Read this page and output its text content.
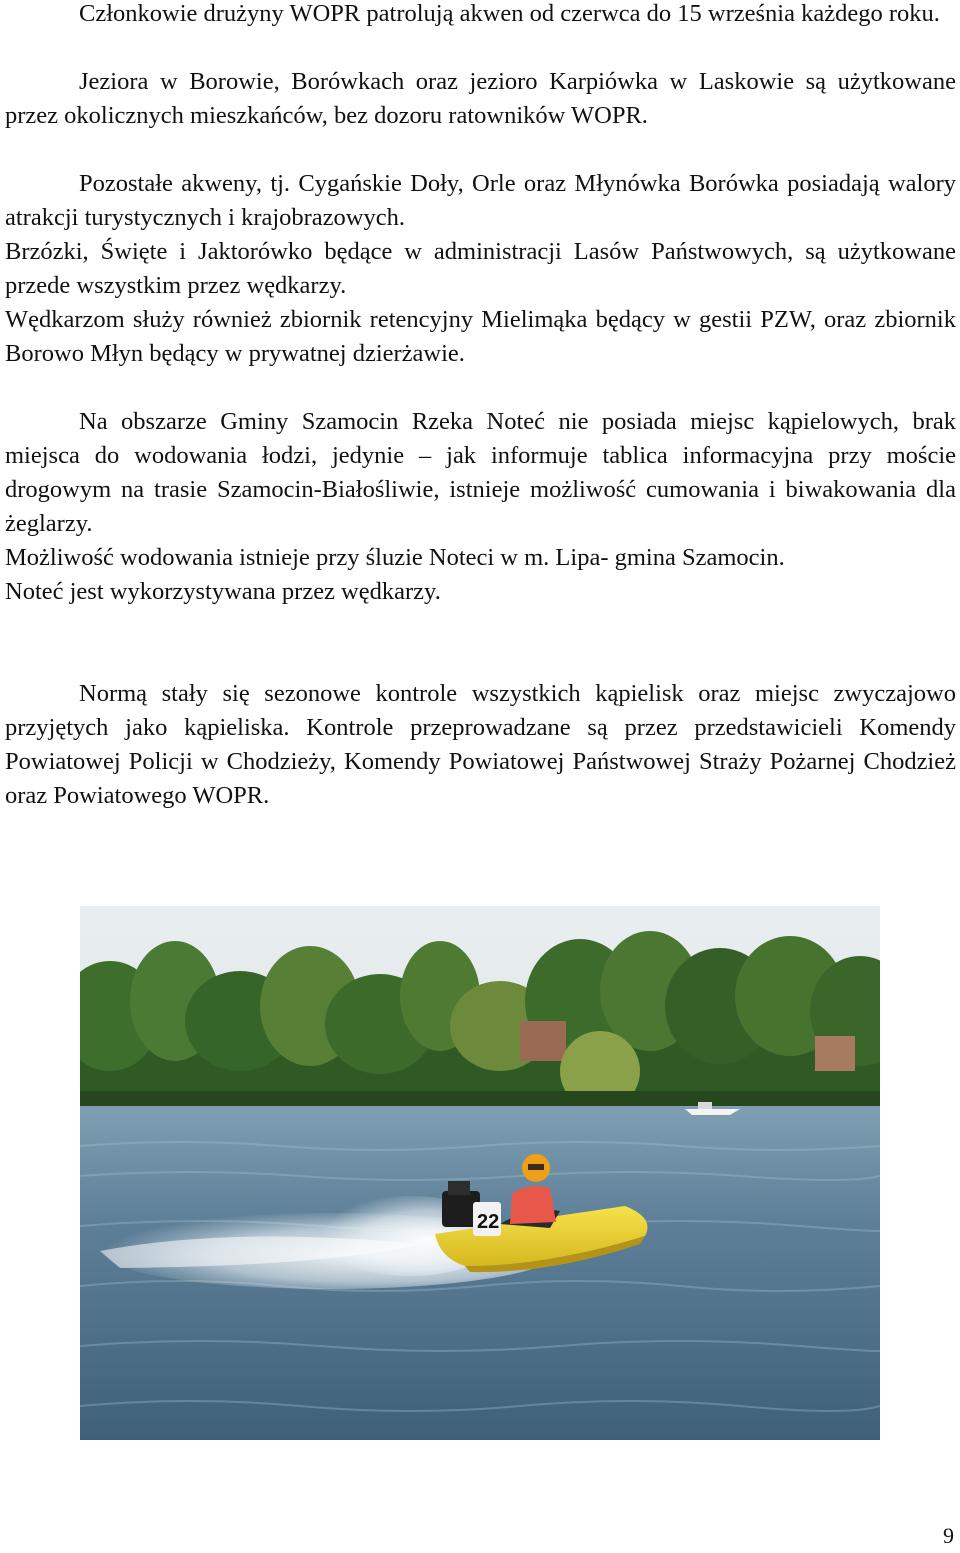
Członkowie drużyny WOPR patrolują akwen od czerwca do 15 września każdego roku.

Jeziora w Borowie, Borówkach oraz jezioro Karpiówka w Laskowie są użytkowane przez okolicznych mieszkańców, bez dozoru ratowników WOPR.

Pozostałe akweny, tj. Cygańskie Doły, Orle oraz Młynówka Borówka posiadają walory atrakcji turystycznych i krajobrazowych.

Brzózki, Święte i Jaktorówko będące w administracji Lasów Państwowych, są użytkowane przede wszystkim przez wędkarzy.

Wędkarzom służy również zbiornik retencyjny Mielimąka będący w gestii PZW, oraz zbiornik Borowo Młyn będący w prywatnej dzierżawie.

Na obszarze Gminy Szamocin Rzeka Noteć nie posiada miejsc kąpielowych, brak miejsca do wodowania łodzi, jedynie – jak informuje tablica informacyjna przy moście drogowym na trasie Szamocin-Białośliwie, istnieje możliwość cumowania i biwakowania dla żeglarzy.

Możliwość wodowania istnieje przy śluzie Noteci w m. Lipa- gmina Szamocin.

Noteć jest wykorzystywana przez wędkarzy.

Normą stały się sezonowe kontrole wszystkich kąpielisk oraz miejsc zwyczajowo przyjętych jako kąpieliska. Kontrole przeprowadzane są przez przedstawicieli Komendy Powiatowej Policji w Chodzieży, Komendy Powiatowej Państwowej Straży Pożarnej Chodzież oraz Powiatowego WOPR.

22
9
